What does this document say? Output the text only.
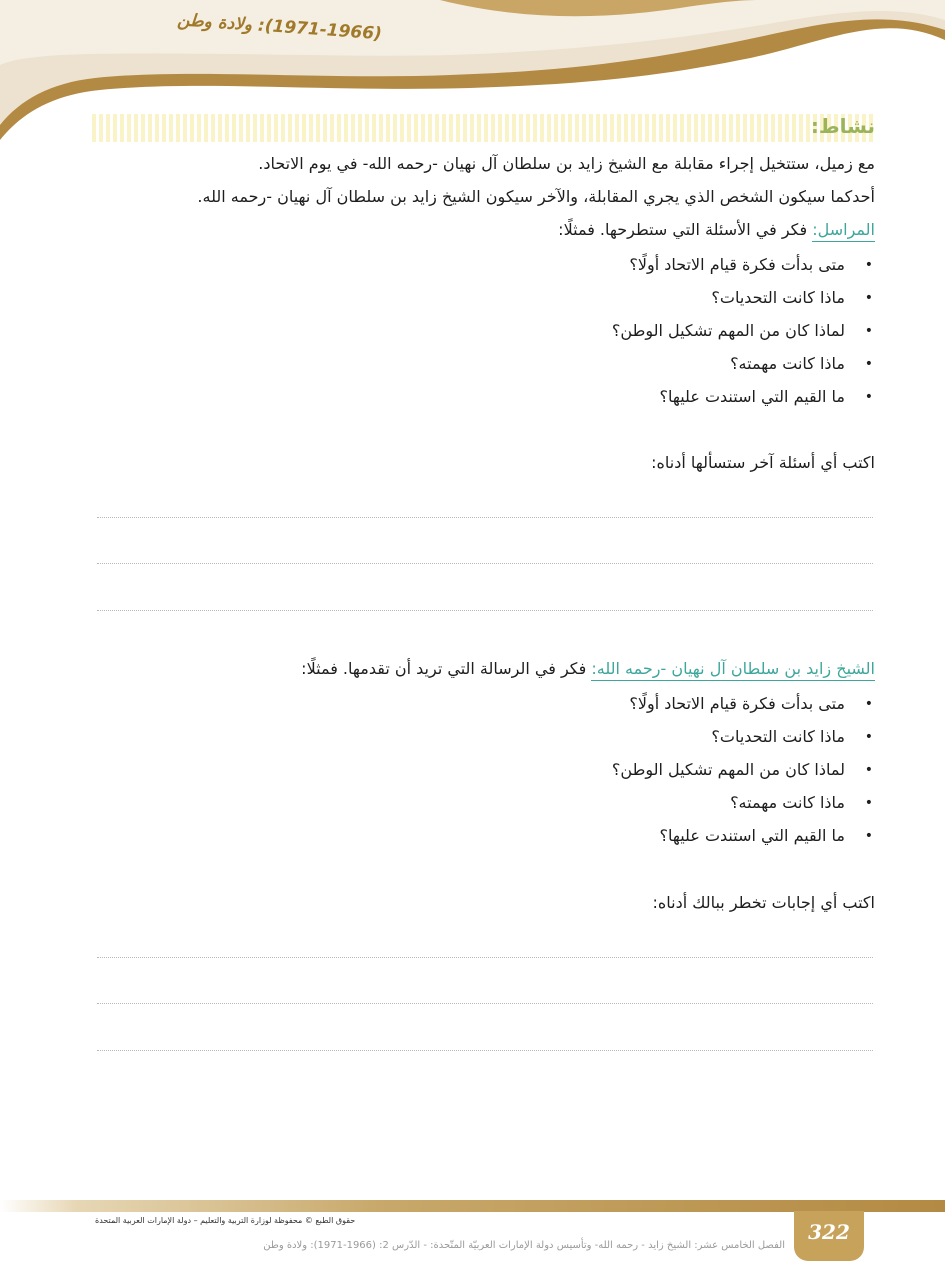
(1971-1966): ولادة وطن
نشاط:
مع زميل، ستتخيل إجراء مقابلة مع الشيخ زايد بن سلطان آل نهيان -رحمه الله- في يوم الاتحاد.
أحدكما سيكون الشخص الذي يجري المقابلة، والآخر سيكون الشيخ زايد بن سلطان آل نهيان -رحمه الله.
المراسل: فكر في الأسئلة التي ستطرحها. فمثلًا:
•
متى بدأت فكرة قيام الاتحاد أولًا؟
•
ماذا كانت التحديات؟
•
لماذا كان من المهم تشكيل الوطن؟
•
ماذا كانت مهمته؟
•
ما القيم التي استندت عليها؟
اكتب أي أسئلة آخر ستسألها أدناه:
الشيخ زايد بن سلطان آل نهيان -رحمه الله: فكر في الرسالة التي تريد أن تقدمها. فمثلًا:
•
متى بدأت فكرة قيام الاتحاد أولًا؟
•
ماذا كانت التحديات؟
•
لماذا كان من المهم تشكيل الوطن؟
•
ماذا كانت مهمته؟
•
ما القيم التي استندت عليها؟
اكتب أي إجابات تخطر ببالك أدناه:
322
حقوق الطبع © محفوظة لوزارة التربية والتعليم – دولة الإمارات العربية المتحدة
الفصل الخامس عشر: الشيخ زايد - رحمه الله- وتأسيس دولة الإمارات العربيّة المتّحدة: - الدّرس 2: (1966-1971): ولادة وطن
